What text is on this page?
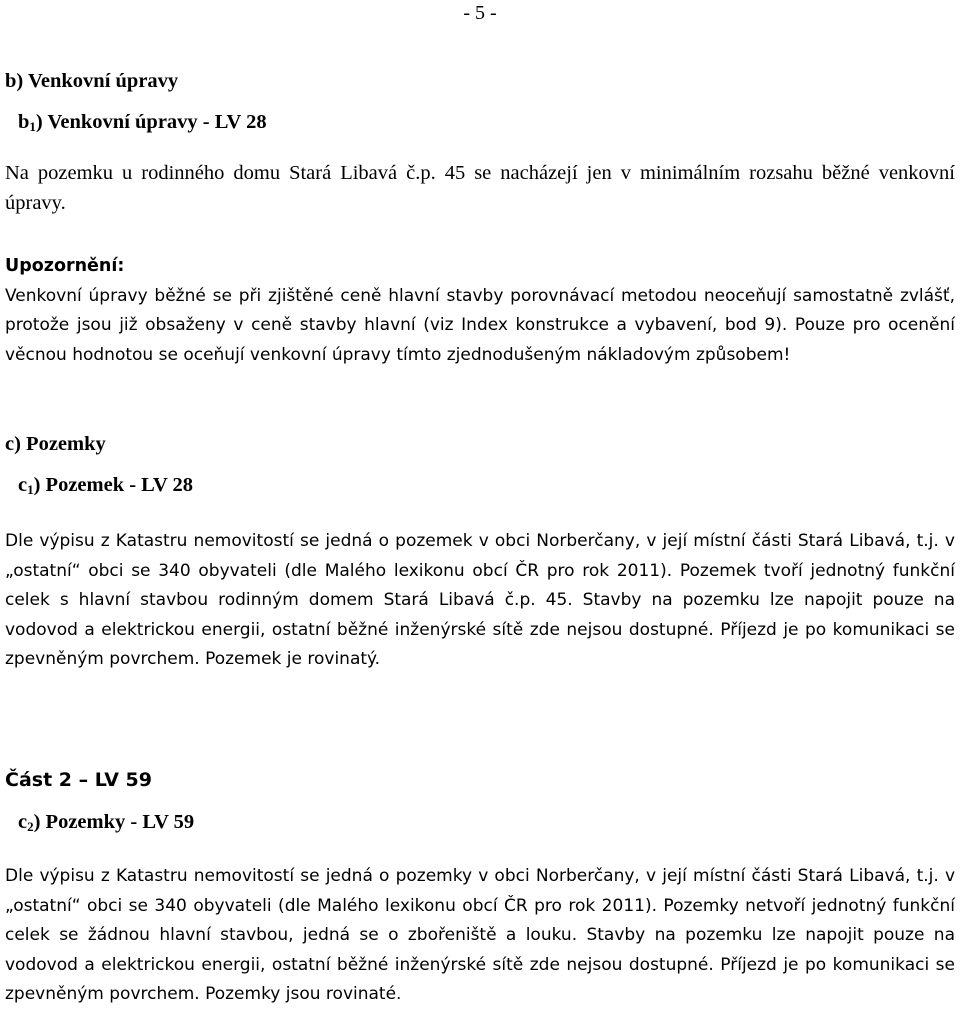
- 5 -
b) Venkovní úpravy
$b_1$) Venkovní úpravy - LV 28
Na pozemku u rodinného domu Stará Libavá č.p. 45 se nacházejí jen v minimálním rozsahu běžné venkovní úpravy.
Upozornění:
Venkovní úpravy běžné se při zjištěné ceně hlavní stavby porovnávací metodou neoceňují samostatně zvlášť, protože jsou již obsaženy v ceně stavby hlavní (viz Index konstrukce a vybavení, bod 9). Pouze pro ocenění věcnou hodnotou se oceňují venkovní úpravy tímto zjednodušeným nákladovým způsobem!
c) Pozemky
$c_1$) Pozemek - LV 28
Dle výpisu z Katastru nemovitostí se jedná o pozemek v obci Norberčany, v její místní části Stará Libavá, t.j. v „ostatní“ obci se 340 obyvateli (dle Malého lexikonu obcí ČR pro rok 2011). Pozemek tvoří jednotný funkční celek s hlavní stavbou rodinným domem Stará Libavá č.p. 45. Stavby na pozemku lze napojit pouze na vodovod a elektrickou energii, ostatní běžné inženýrské sítě zde nejsou dostupné. Příjezd je po komunikaci se zpevněným povrchem. Pozemek je rovinatý.
Část 2 – LV 59
$c_2$) Pozemky - LV 59
Dle výpisu z Katastru nemovitostí se jedná o pozemky v obci Norberčany, v její místní části Stará Libavá, t.j. v „ostatní“ obci se 340 obyvateli (dle Malého lexikonu obcí ČR pro rok 2011). Pozemky netvoří jednotný funkční celek se žádnou hlavní stavbou, jedná se o zbořeniště a louku. Stavby na pozemku lze napojit pouze na vodovod a elektrickou energii, ostatní běžné inženýrské sítě zde nejsou dostupné. Příjezd je po komunikaci se zpevněným povrchem. Pozemky jsou rovinaté.
